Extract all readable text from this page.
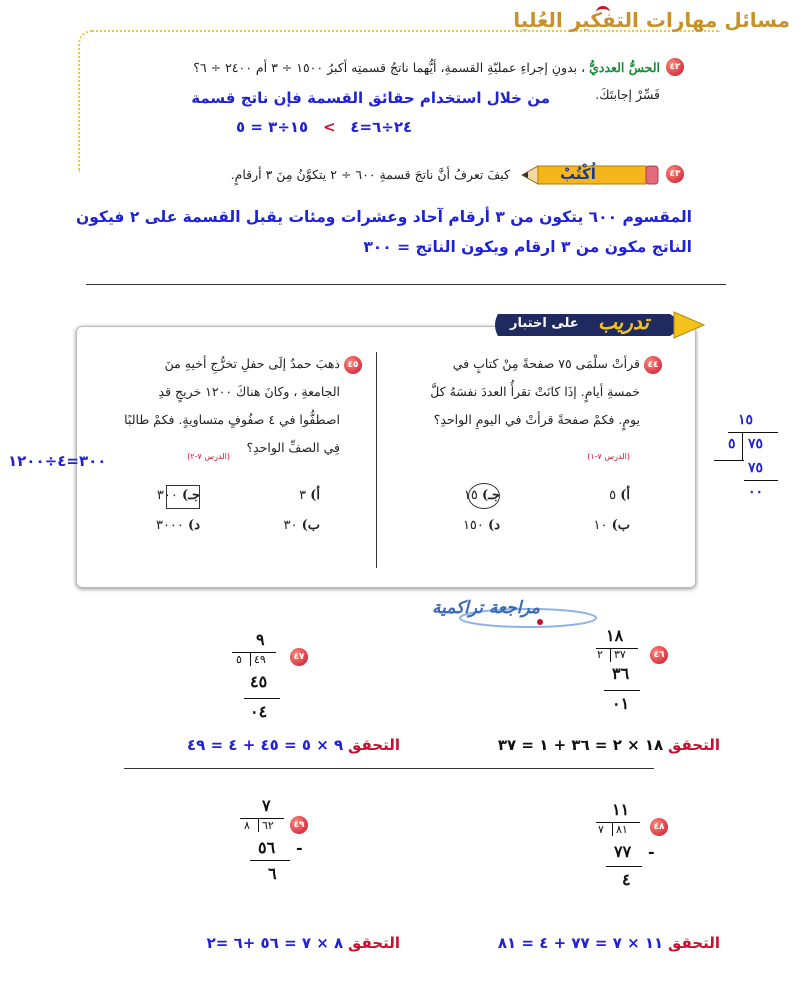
مسائل مهارات التفكير العُليا
٤٢
الحسُّ العدديُّ ، بدونِ إجراءِ عمليّةِ القسمةِ، أيُّهما ناتجُ قسمتِه أكبرُ ١٥٠٠ ÷ ٣ أم ٢٤٠٠ ÷ ٦؟
فَسِّرْ إجابتَكَ.
من خلال استخدام حقائق القسمة فإن ناتج قسمة
٢٤÷٦=٤ > ١٥÷٣ = ٥
٤٣
اُكْتُبْ
كيفَ تعرفُ أنَّ ناتجَ قسمةِ ٦٠٠ ÷ ٢ يتكوَّنُ مِنَ ٣ أرقامٍ.
المقسوم ٦٠٠ يتكون من ٣ أرقام آحاد وعشرات ومئات يقبل القسمة على ٢ فيكون
الناتج مكون من ٣ ارقام ويكون الناتج = ٣٠٠
على اختبار تدريب
٤٤
قرأتْ سلْمَى ٧٥ صفحةً مِنْ كتابٍ في
خمسةِ أيامٍ. إذَا كانَتْ تقرأُ العددَ نفسَهُ كلَّ
يومٍ. فكمْ صفحةً قرأتْ في اليومِ الواحدِ؟
(الدرس ٧-١)
أ) ٥
جـ) ١٥
ب) ١٠
د) ١٥٠
٤٥
ذهبَ حمدٌ إلَى حفلِ تخرُّجِ أخيهِ منَ
الجامعةِ ، وكانَ هناكَ ١٢٠٠ خريجٍ قدِ
اصطفُّوا في ٤ صفُوفٍ متساويةٍ. فكمْ طالبًا
فِي الصفِّ الواحدِ؟
(الدرس ٧-٢)
أ) ٣
جـ) ٣٠٠
ب) ٣٠
د) ٣٠٠٠
٣٠٠=٤÷١٢٠٠
١٥
٥ ٧٥
٧٥
٠٠
مراجعة تراكمية
٤٦
١٨
٢ ٣٧
٣٦
٠١
التحقق ١٨ × ٢ = ٣٦ + ١ = ٣٧
٤٧
٩
٥ ٤٩
٤٥
٠٤
التحقق ٩ × ٥ = ٤٥ + ٤ = ٤٩
٤٨
١١
٧ ٨١
٧٧ -
٤
التحقق ١١ × ٧ = ٧٧ + ٤ = ٨١
٤٩
٧
٨ ٦٢
٥٦ -
٦
التحقق ٨ × ٧ = ٥٦ +٦ =٢
